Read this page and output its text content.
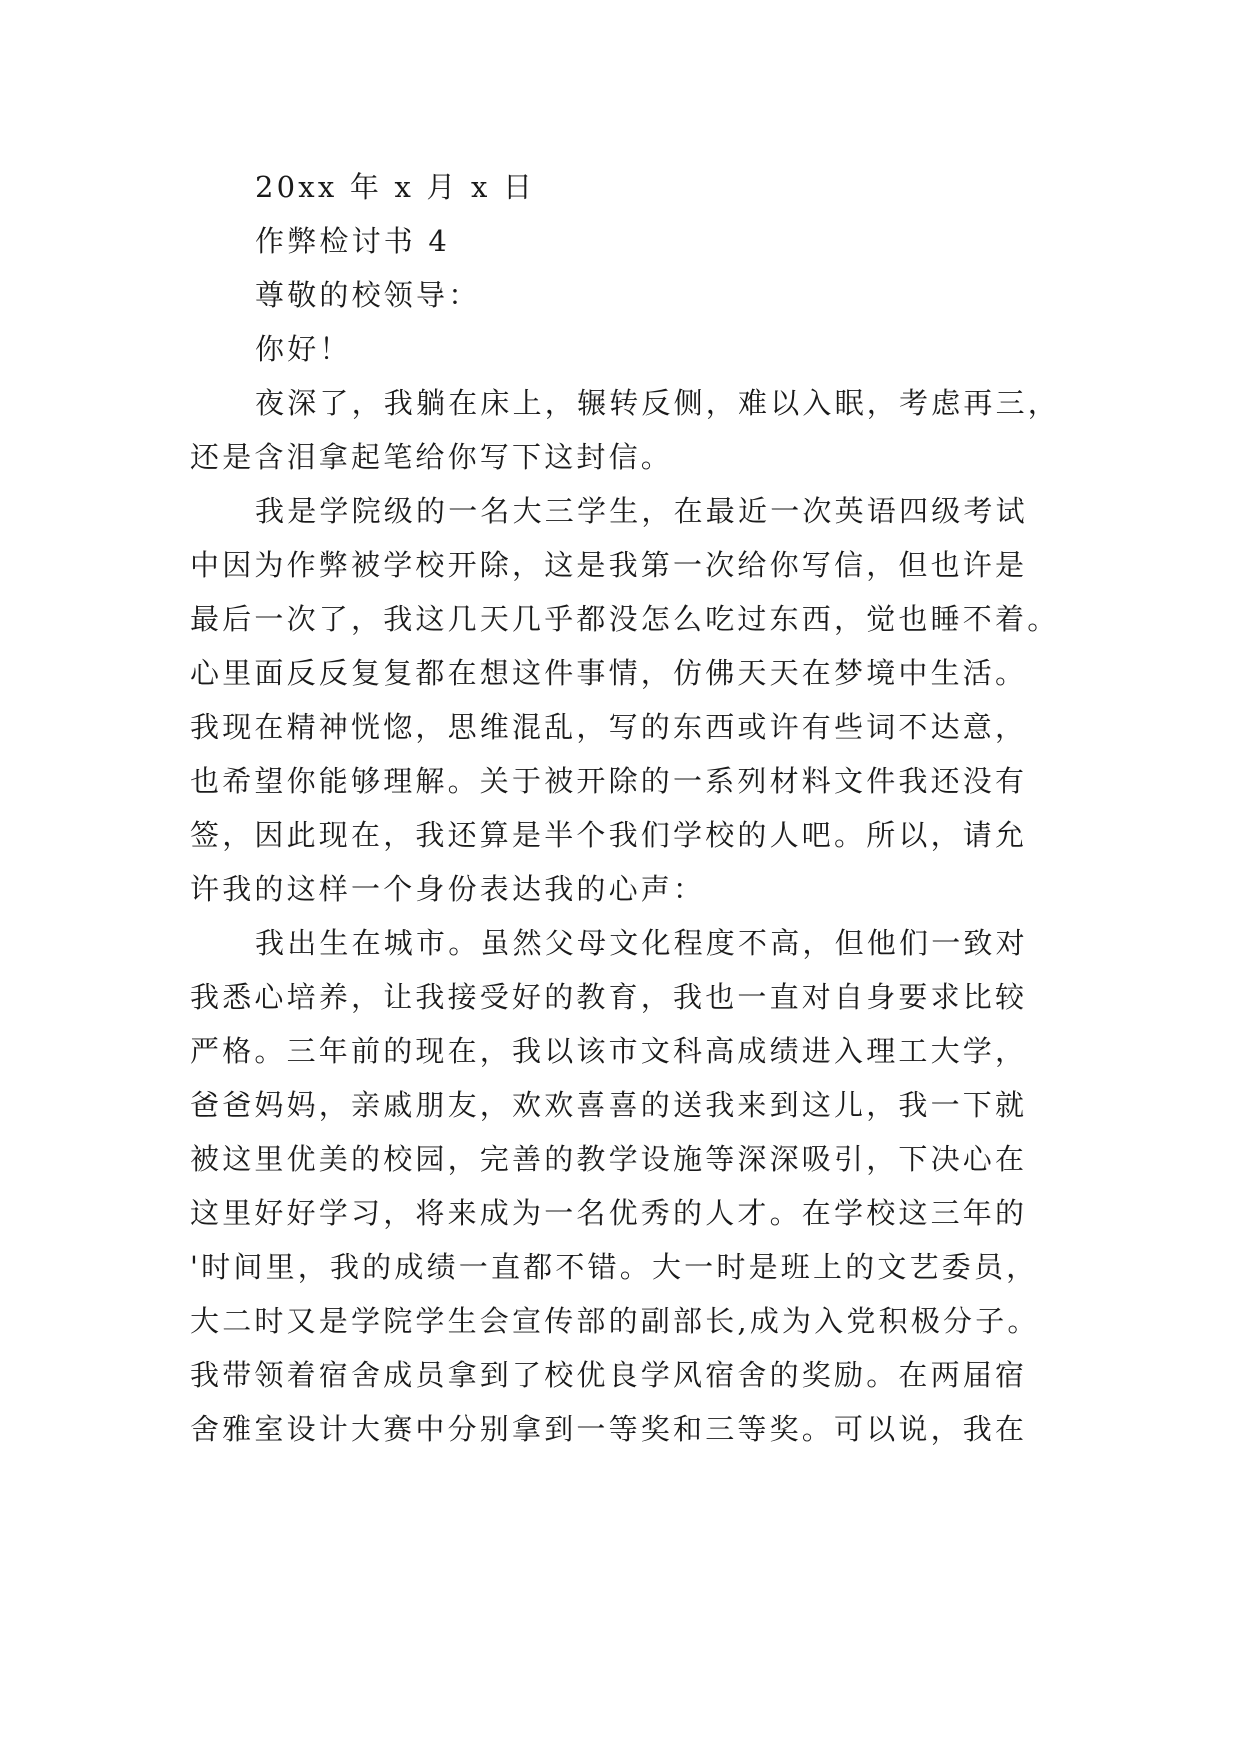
20xx 年 x 月 x 日
作弊检讨书 4
尊敬的校领导：
你好！
夜深了，我躺在床上，辗转反侧，难以入眠，考虑再三，
还是含泪拿起笔给你写下这封信。
我是学院级的一名大三学生，在最近一次英语四级考试
中因为作弊被学校开除，这是我第一次给你写信，但也许是
最后一次了，我这几天几乎都没怎么吃过东西，觉也睡不着。
心里面反反复复都在想这件事情，仿佛天天在梦境中生活。
我现在精神恍惚，思维混乱，写的东西或许有些词不达意，
也希望你能够理解。关于被开除的一系列材料文件我还没有
签，因此现在，我还算是半个我们学校的人吧。所以，请允
许我的这样一个身份表达我的心声：
我出生在城市。虽然父母文化程度不高，但他们一致对
我悉心培养，让我接受好的教育，我也一直对自身要求比较
严格。三年前的现在，我以该市文科高成绩进入理工大学，
爸爸妈妈，亲戚朋友，欢欢喜喜的送我来到这儿，我一下就
被这里优美的校园，完善的教学设施等深深吸引，下决心在
这里好好学习，将来成为一名优秀的人才。在学校这三年的
'时间里，我的成绩一直都不错。大一时是班上的文艺委员，
大二时又是学院学生会宣传部的副部长,成为入党积极分子。
我带领着宿舍成员拿到了校优良学风宿舍的奖励。在两届宿
舍雅室设计大赛中分别拿到一等奖和三等奖。可以说，我在
